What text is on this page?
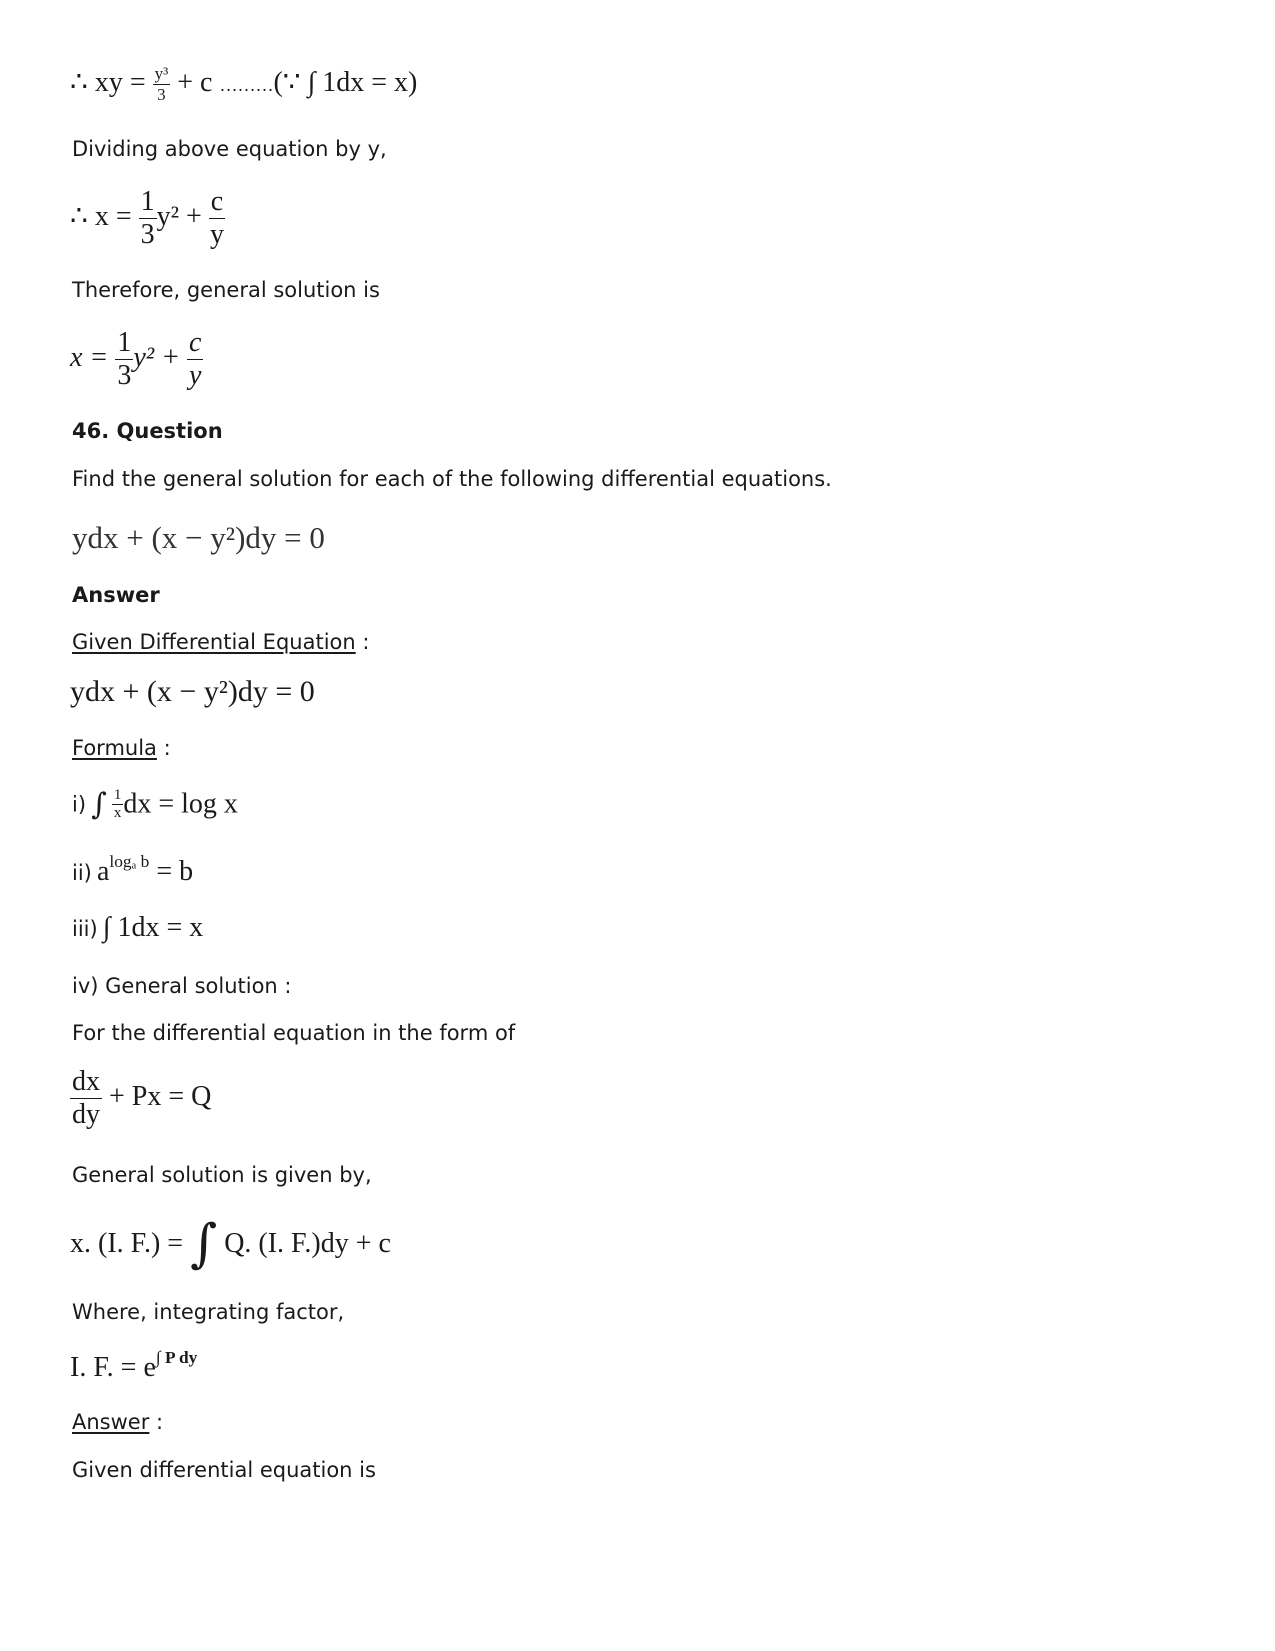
∴ xy = $\frac{\text{y³}}{3} + c$ ………(∵ ∫ 1dx = x)
Dividing above equation by y,
∴ $x = \frac{1}{3} y^2 + \frac{c}{y}$
Therefore, general solution is
$x = \frac{1}{3} y^2 + \frac{c}{y}$
46. Question
Find the general solution for each of the following differential equations.
ydx + (x − y²)dy = 0
Answer
Given Differential Equation :
ydx + (x − y²)dy = 0
Formula :
i) ∫ $\frac{1}{x}$ dx = log x
ii) $a^{log_a b} = b$
iii) ∫ 1dx = x
iv) General solution :
For the differential equation in the form of
$\frac{dx}{dy} + Px = Q$
General solution is given by,
x. (I. F.) = ∫ Q. (I. F.)dy + c
Where, integrating factor,
I. F. = $e^{\int P dy}$
Answer :
Given differential equation is
